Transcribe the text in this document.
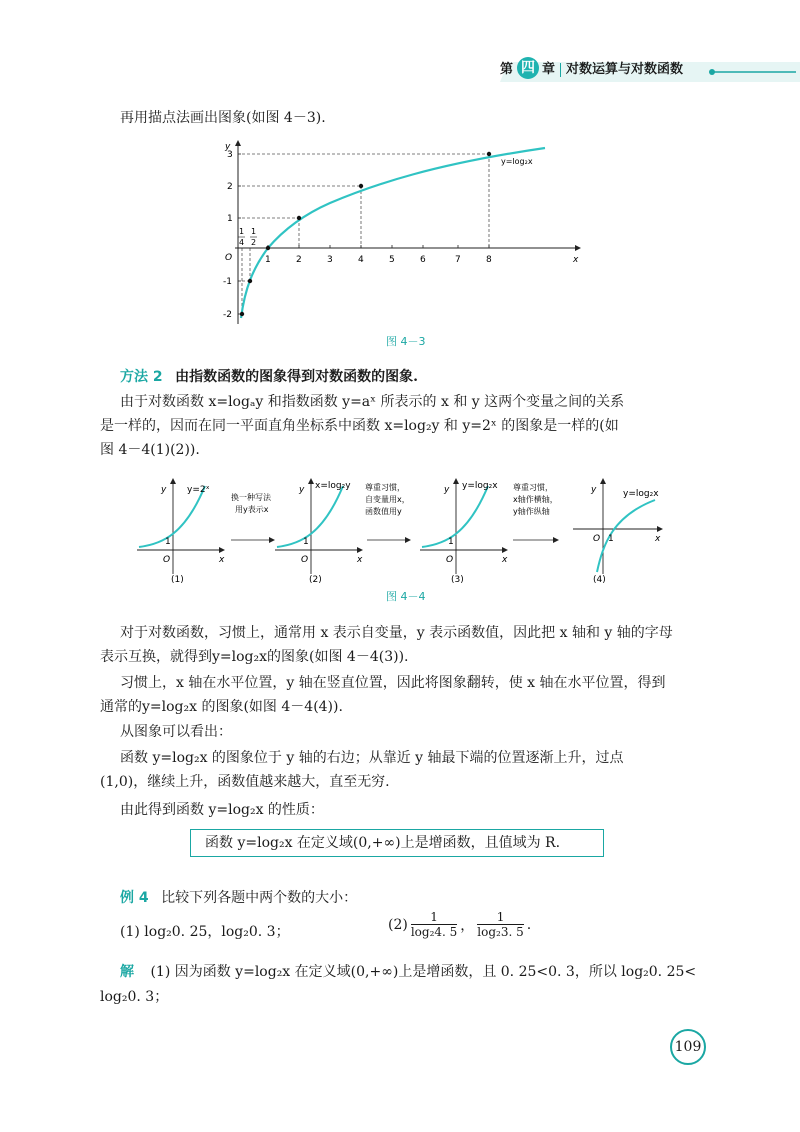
第 四 章 对数运算与对数函数
再用描点法画出图象(如图 4－3).
y
x
O
y=log₂x
1	2	3	4	5	6	7	8
3
2
1
-1
-2
1
4
1
2
图 4－3
方法 2 由指数函数的图象得到对数函数的图象.
由于对数函数 x=logₐy 和指数函数 y=aˣ 所表示的 x 和 y 这两个变量之间的关系
是一样的，因而在同一平面直角坐标系中函数 x=log₂y 和 y=2ˣ 的图象是一样的(如
图 4－4(1)(2)).
y
x
O
1
y=2ˣ	y
x
O
1
x=log₂y	y
x
O
1
y=log₂x	y
x
O 1
y=log₂x
换一种写法
用y表示x
尊重习惯，
自变量用x，
函数值用y
尊重习惯，
x轴作横轴，
y轴作纵轴
(1)	(2)	(3)	(4)
图 4－4
对于对数函数，习惯上，通常用 x 表示自变量，y 表示函数值，因此把 x 轴和 y 轴的字母
表示互换，就得到y=log₂x的图象(如图 4－4(3)).
习惯上，x 轴在水平位置，y 轴在竖直位置，因此将图象翻转，使 x 轴在水平位置，得到
通常的y=log₂x 的图象(如图 4－4(4)).
从图象可以看出：
函数 y=log₂x 的图象位于 y 轴的右边；从靠近 y 轴最下端的位置逐渐上升，过点
(1,0)，继续上升，函数值越来越大，直至无穷.
由此得到函数 y=log₂x 的性质：
函数 y=log₂x 在定义域(0,+∞)上是增函数，且值域为 R.
例 4 比较下列各题中两个数的大小：
(1) log₂0. 25，log₂0. 3；	$(2) \frac{1}{\text{log₂4. 5}}$ ， $\frac{1}{\text{log₂3. 5}}$ .
解 (1) 因为函数 y=log₂x 在定义域(0,+∞)上是增函数，且 0. 25<0. 3，所以 log₂0. 25<
log₂0. 3；
109
